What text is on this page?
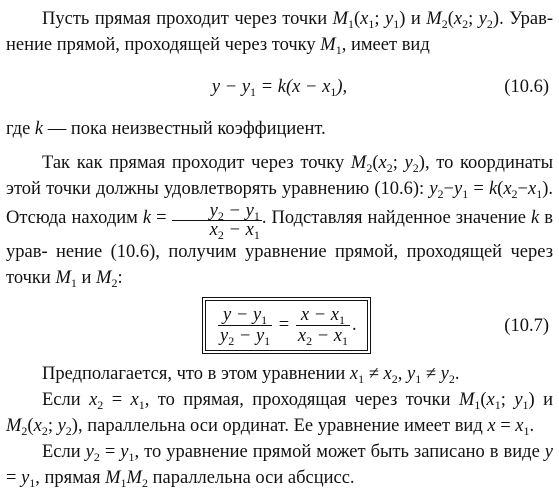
Пусть прямая проходит через точки $M_1(x_1$; $y_1$) и $M_2(x_2$; $y_2$). Урав- нение прямой, проходящей через точку $M_1$, имеет вид

$y - y_1 = k(x - x_1)$,	(10.6)

где k — пока неизвестный коэффициент.

Так как прямая проходит через точку $M_2(x_2$; $y_2$), то координаты этой точки должны удовлетворять уравнению (10.6): $y_2-y_1 = k(x_2-x_1)$. Отсюда находим $k = \frac{y_2 - y_1}{x_2 - x_1}$ . Подставляя найденное значение k в урав- нение (10.6), получим уравнение прямой, проходящей через точки $M_1$ и $M_2$:

$\frac{y - y_1}{y_2 - y_1} = \frac{x - x_1}{x_2 - x_1}$ .	(10.7)

Предполагается, что в этом уравнении $x_1 \ne x_2$, $y_1 \ne y_2$.

Если $x_2 = x_1$, то прямая, проходящая через точки $M_1(x_1$; $y_1$) и $M_2(x_2$; $y_2$), параллельна оси ординат. Ее уравнение имеет вид $x = x_1$.

Если $y_2 = y_1$, то уравнение прямой может быть записано в виде $y = y_1$, прямая $M_1M_2$ параллельна оси абсцисс.
